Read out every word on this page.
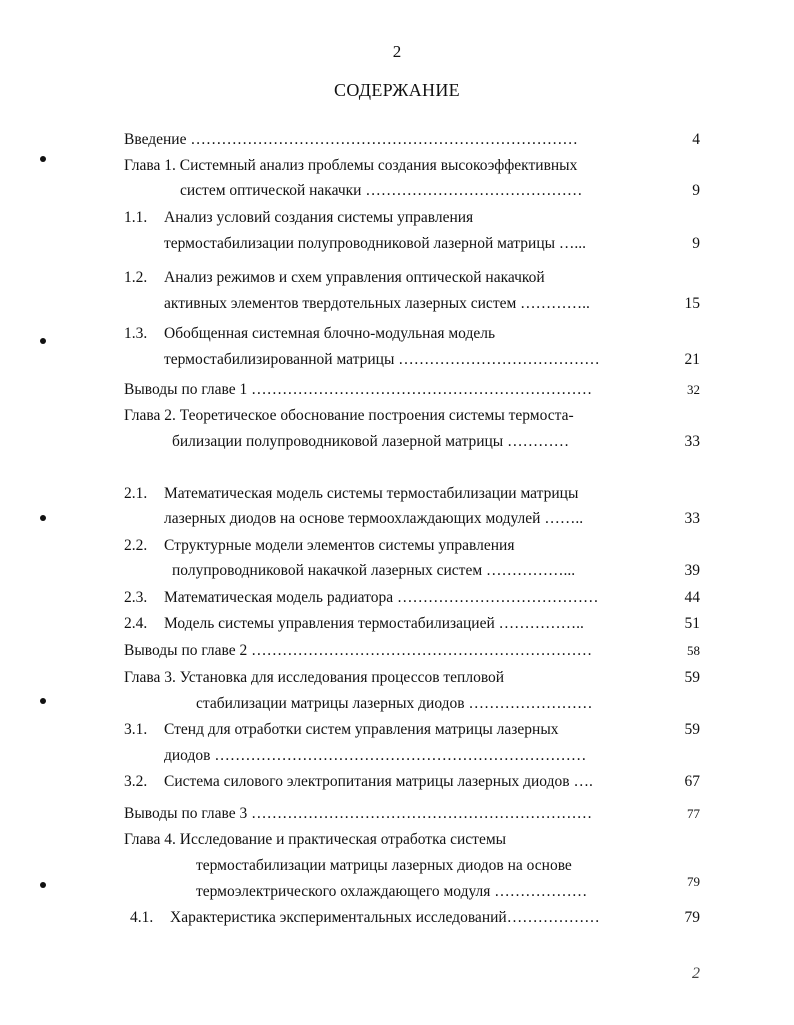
2
СОДЕРЖАНИЕ
Введение …………………………………………………………………	4
Глава 1. Системный анализ проблемы создания высокоэффективных
систем оптической накачки ……………………………………	9
1.1. Анализ условий создания системы управления
термостабилизации полупроводниковой лазерной матрицы …...	9
1.2. Анализ режимов и схем управления оптической накачкой
активных элементов твердотельных лазерных систем …………..	15
1.3. Обобщенная системная блочно-модульная модель
термостабилизированной матрицы …………………………………	21
Выводы по главе 1 …………………………………………………………	32
Глава 2. Теоретическое обоснование построения системы термоста-
билизации полупроводниковой лазерной матрицы …………	33
2.1. Математическая модель системы термостабилизации матрицы
лазерных диодов на основе термоохлаждающих модулей ……..	33
2.2. Структурные модели элементов системы управления
полупроводниковой накачкой лазерных систем ……………...	39
2.3. Математическая модель радиатора …………………………………	44
2.4. Модель системы управления термостабилизацией ……………..	51
Выводы по главе 2 …………………………………………………………	58
Глава 3. Установка для исследования процессов тепловой	59
стабилизации матрицы лазерных диодов ……………………
3.1. Стенд для отработки систем управления матрицы лазерных	59
диодов ………………………………………………………………
3.2. Система силового электропитания матрицы лазерных диодов ….	67
Выводы по главе 3 …………………………………………………………	77
Глава 4. Исследование и практическая отработка системы
термостабилизации матрицы лазерных диодов на основе
термоэлектрического охлаждающего модуля ………………
79
4.1. Характеристика экспериментальных исследований………………	79
2
